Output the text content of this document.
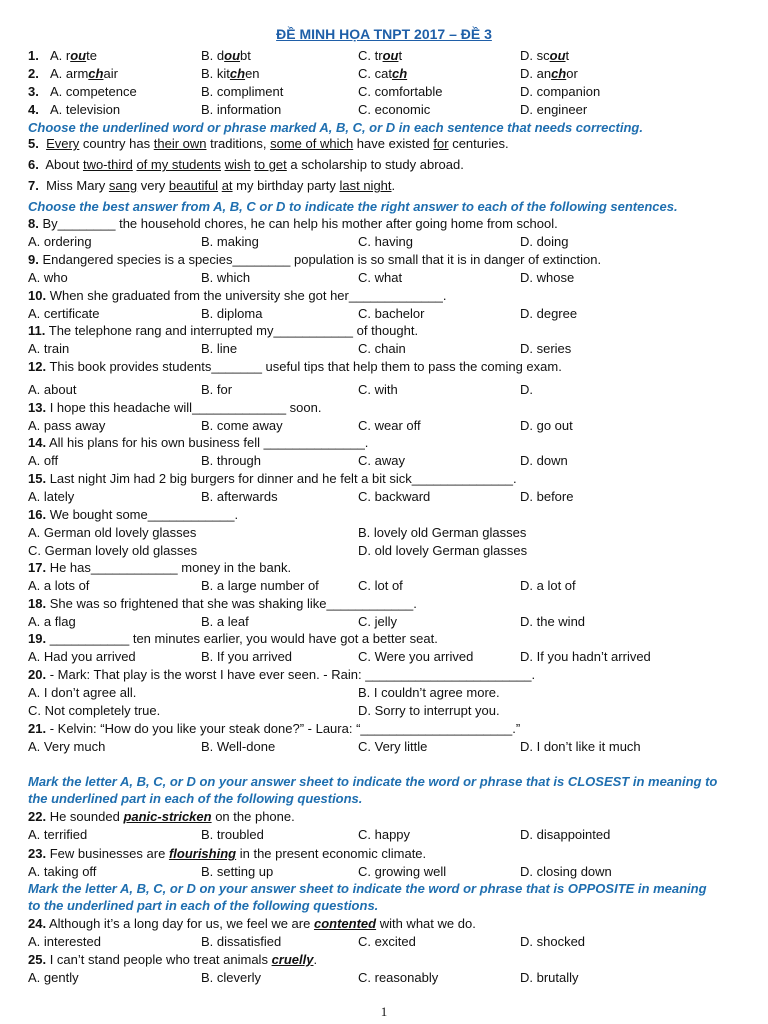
ĐỀ MINH HỌA TNPT 2017 – ĐỀ 3
Choose the underlined word or phrase marked A, B, C, or D in each sentence that needs correcting.
5. Every country has their own traditions, some of which have existed for centuries.
6. About two-third of my students wish to get a scholarship to study abroad.
7. Miss Mary sang very beautiful at my birthday party last night.
Choose the best answer from A, B, C or D to indicate the right answer to each of the following sentences.
Mark the letter A, B, C, or D on your answer sheet to indicate the word or phrase that is CLOSEST in meaning to
the underlined part in each of the following questions.
Mark the letter A, B, C, or D on your answer sheet to indicate the word or phrase that is OPPOSITE in meaning
to the underlined part in each of the following questions.
1
1. A. route	B. doubt	C. trout	D. scout
2. A. armchair	B. kitchen	C. catch	D. anchor
3. A. competence	B. compliment	C. comfortable	D. companion
4. A. television	B. information	C. economic	D. engineer
8. By________ the household chores, he can help his mother after going home from school.
A. ordering	B. making	C. having	D. doing
9. Endangered species is a species________ population is so small that it is in danger of extinction.
A. who	B. which	C. what	D. whose
10. When she graduated from the university she got her_____________.
A. certificate	B. diploma	C. bachelor	D. degree
11. The telephone rang and interrupted my___________ of thought.
A. train	B. line	C. chain	D. series
12. This book provides students_______ useful tips that help them to pass the coming exam.
A. about	B. for	C. with	D.
13. I hope this headache will_____________ soon.
A. pass away	B. come away	C. wear off	D. go out
14. All his plans for his own business fell ______________.
A. off	B. through	C. away	D. down
15. Last night Jim had 2 big burgers for dinner and he felt a bit sick______________.
A. lately	B. afterwards	C. backward	D. before
16. We bought some____________.
A. German old lovely glasses	B. lovely old German glasses
C. German lovely old glasses	D. old lovely German glasses
17. He has____________ money in the bank.
A. a lots of	B. a large number of	C. lot of	D. a lot of
18. She was so frightened that she was shaking like____________.
A. a flag	B. a leaf	C. jelly	D. the wind
19. ___________ ten minutes earlier, you would have got a better seat.
A. Had you arrived	B. If you arrived	C. Were you arrived	D. If you hadn’t arrived
20. - Mark: That play is the worst I have ever seen. - Rain: _______________________.
A. I don’t agree all.	B. I couldn’t agree more.
C. Not completely true.	D. Sorry to interrupt you.
21. - Kelvin: “How do you like your steak done?” - Laura: “_____________________.”
A. Very much	B. Well-done	C. Very little	D. I don’t like it much
22. He sounded panic-stricken on the phone.
A. terrified	B. troubled	C. happy	D. disappointed
23. Few businesses are flourishing in the present economic climate.
A. taking off	B. setting up	C. growing well	D. closing down
24. Although it’s a long day for us, we feel we are contented with what we do.
A. interested	B. dissatisfied	C. excited	D. shocked
25. I can’t stand people who treat animals cruelly.
A. gently	B. cleverly	C. reasonably	D. brutally
